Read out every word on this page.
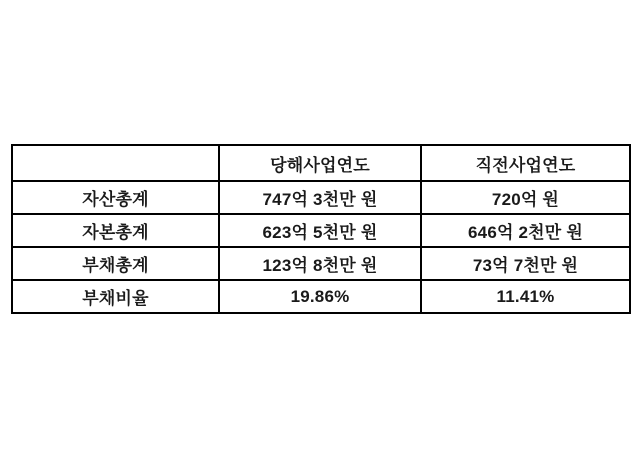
	당해사업연도	직전사업연도
자산총계	747억 3천만 원	720억 원
자본총계	623억 5천만 원	646억 2천만 원
부채총계	123억 8천만 원	73억 7천만 원
부채비율	19.86%	11.41%
